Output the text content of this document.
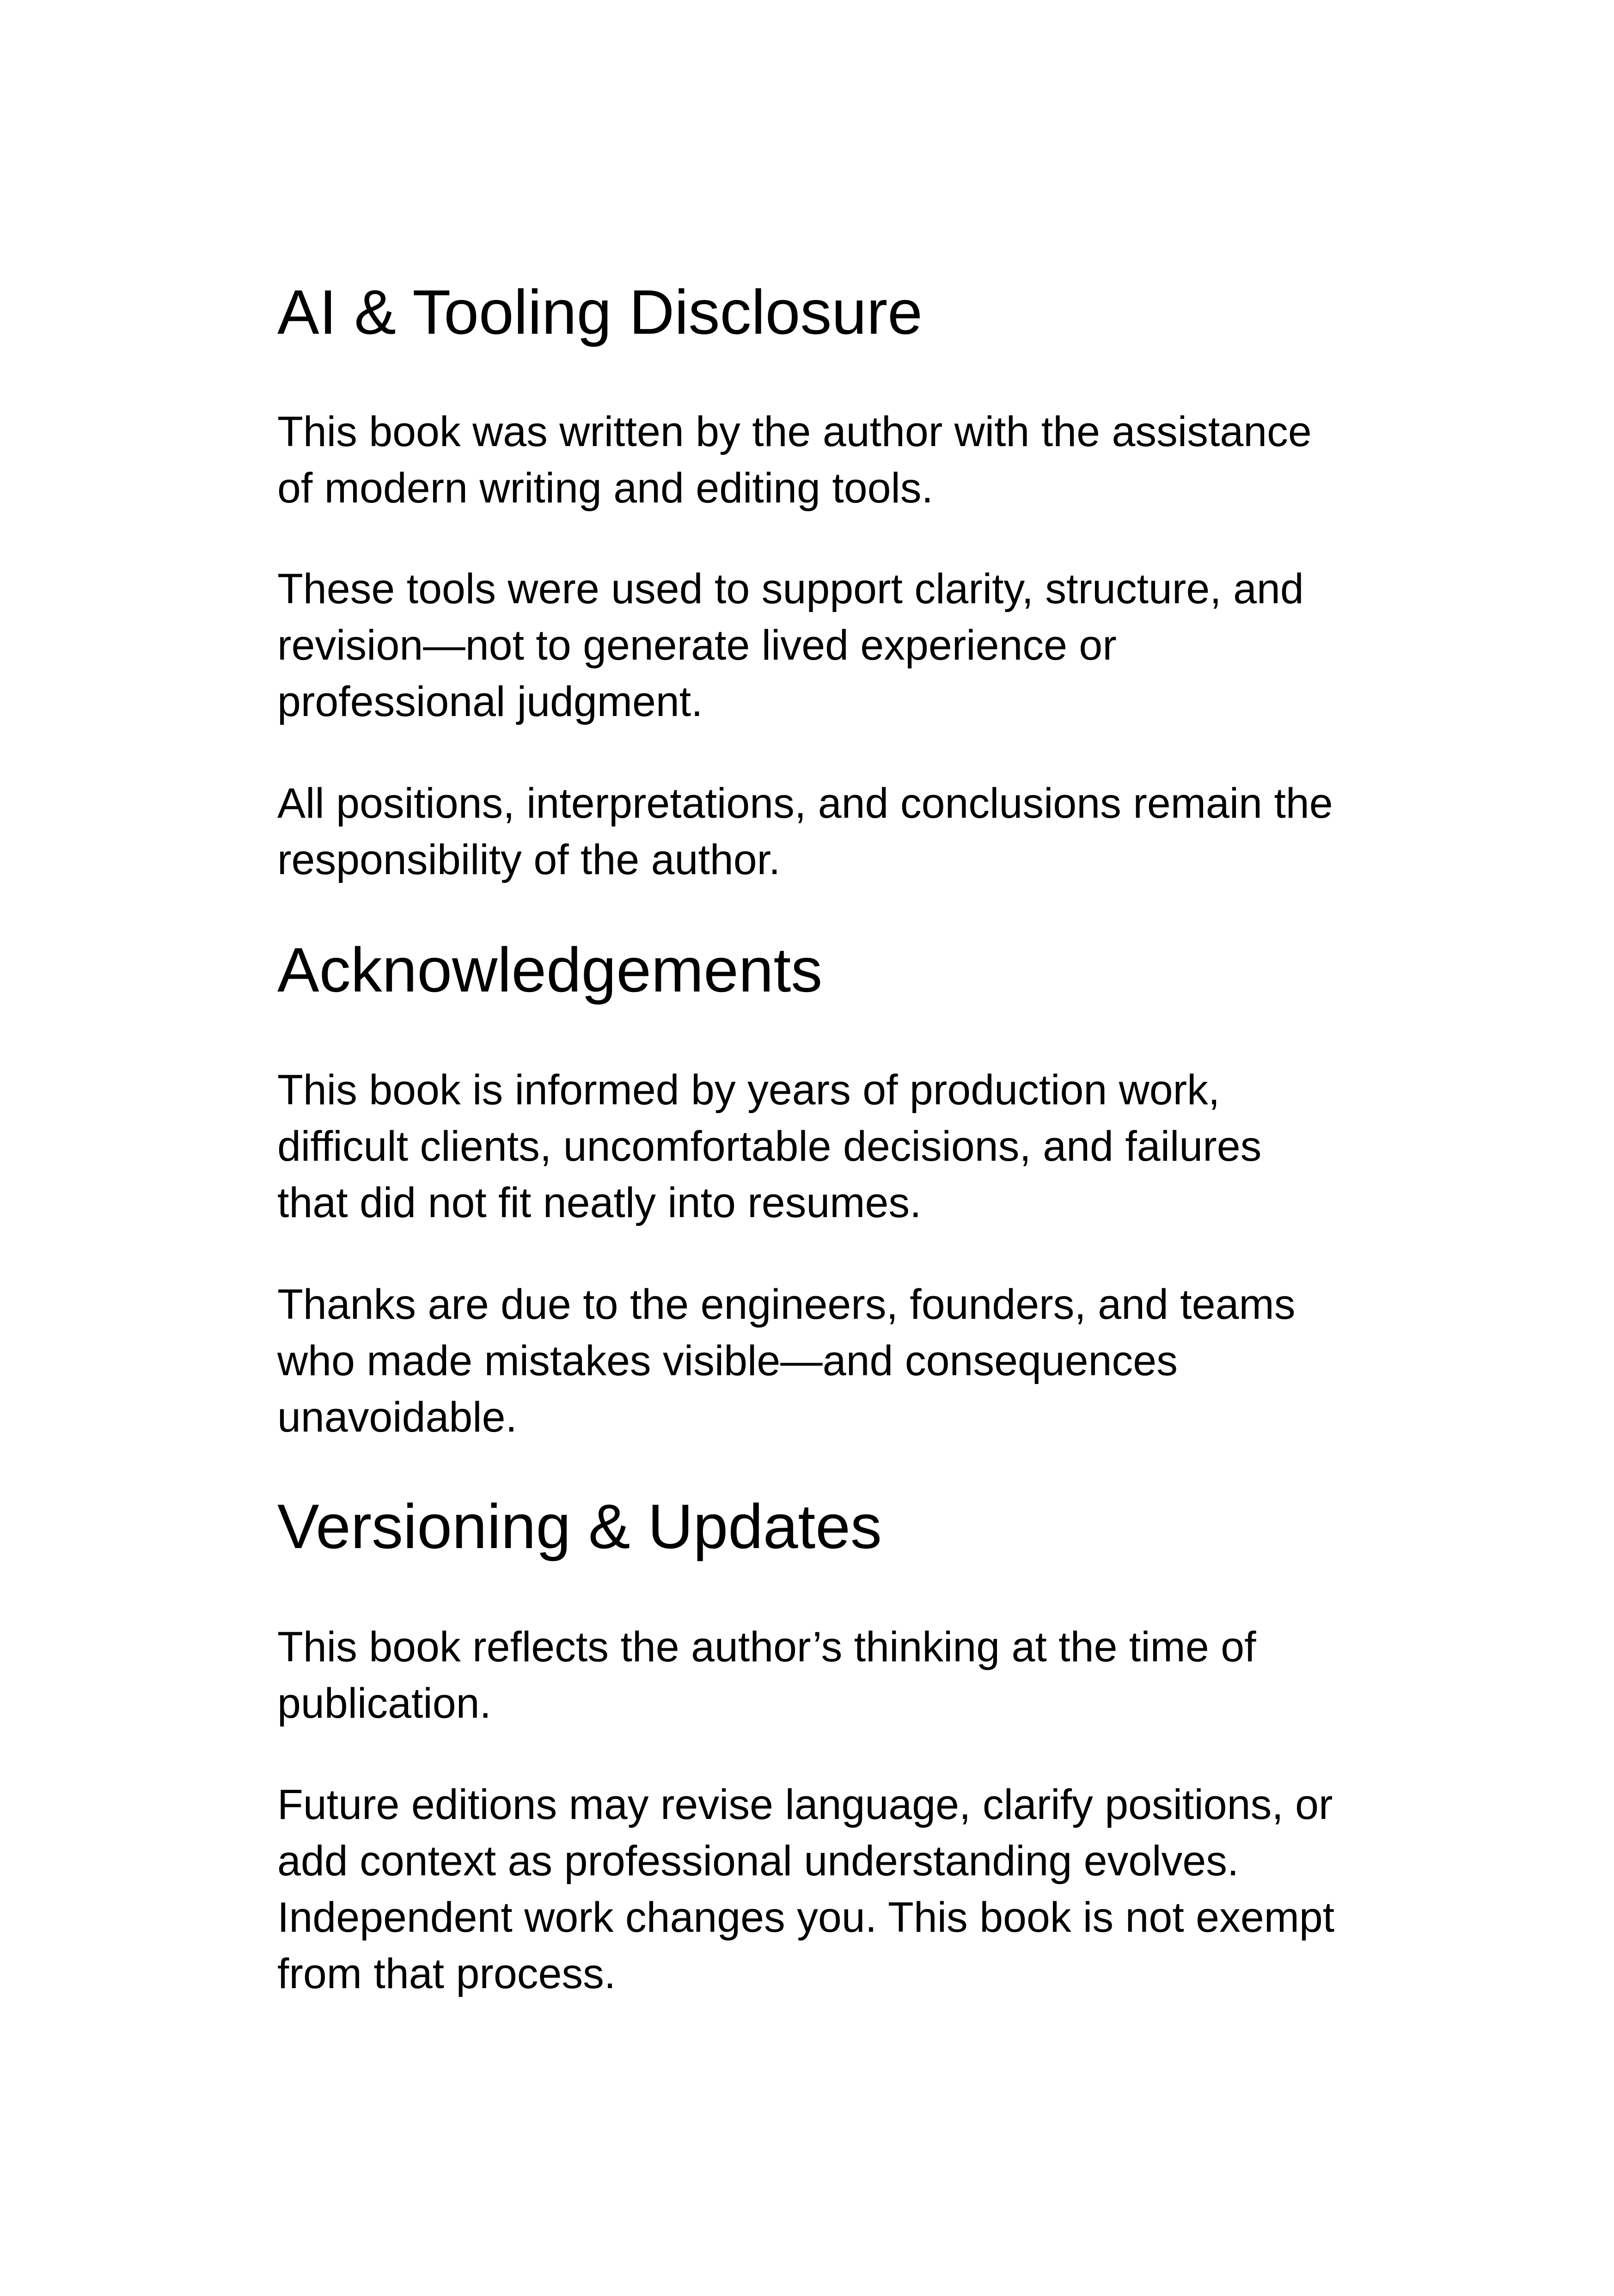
AI & Tooling Disclosure

This book was written by the author with the assistance
of modern writing and editing tools.

These tools were used to support clarity, structure, and
revision—not to generate lived experience or
professional judgment.

All positions, interpretations, and conclusions remain the
responsibility of the author.

Acknowledgements

This book is informed by years of production work,
difficult clients, uncomfortable decisions, and failures
that did not fit neatly into resumes.

Thanks are due to the engineers, founders, and teams
who made mistakes visible—and consequences
unavoidable.

Versioning & Updates

This book reflects the author’s thinking at the time of
publication.

Future editions may revise language, clarify positions, or
add context as professional understanding evolves.
Independent work changes you. This book is not exempt
from that process.
